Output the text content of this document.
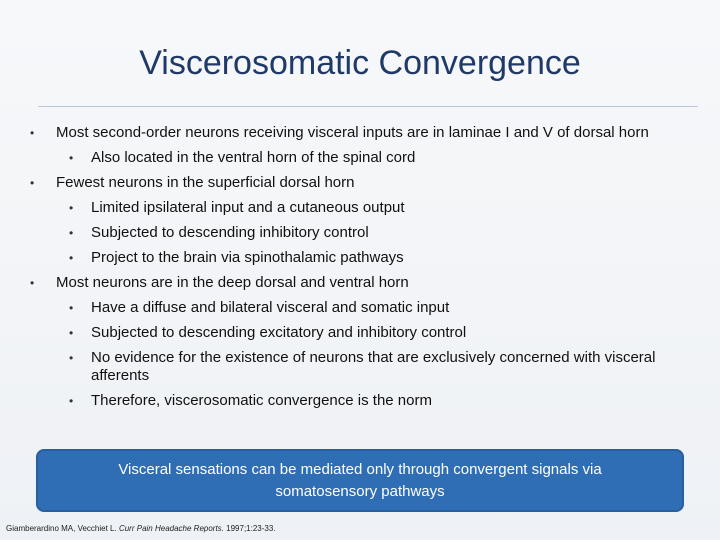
Viscerosomatic Convergence
• Most second-order neurons receiving visceral inputs are in laminae I and V of dorsal horn
• Also located in the ventral horn of the spinal cord
• Fewest neurons in the superficial dorsal horn
• Limited ipsilateral input and a cutaneous output
• Subjected to descending inhibitory control
• Project to the brain via spinothalamic pathways
• Most neurons are in the deep dorsal and ventral horn
• Have a diffuse and bilateral visceral and somatic input
• Subjected to descending excitatory and inhibitory control
• No evidence for the existence of neurons that are exclusively concerned with visceral afferents
• Therefore, viscerosomatic convergence is the norm
Visceral sensations can be mediated only through convergent signals via somatosensory pathways
Giamberardino MA, Vecchiet L. Curr Pain Headache Reports. 1997;1:23-33.
